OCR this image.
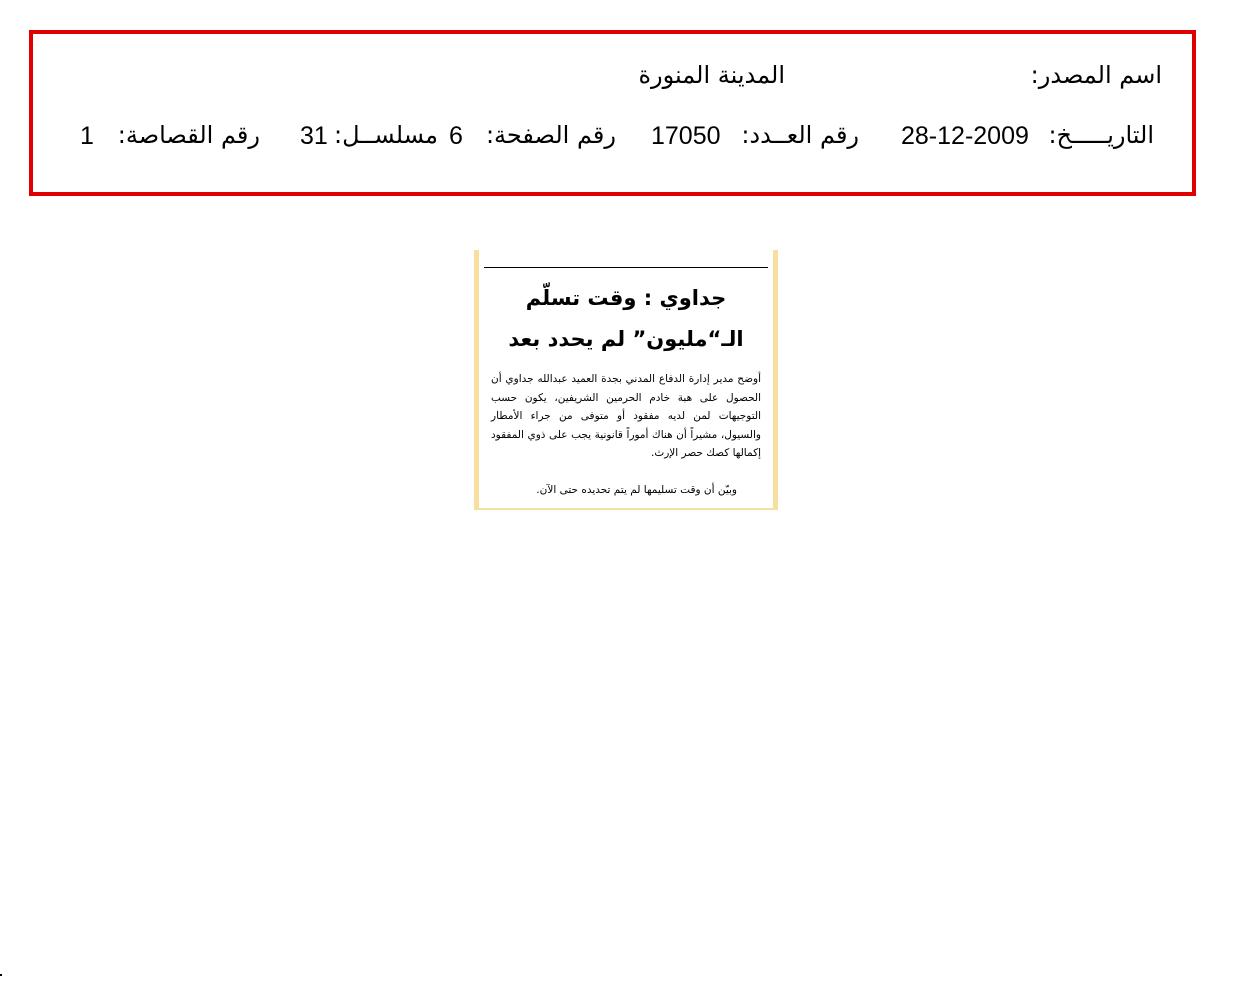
اسم المصدر:
المدينة المنورة
التاريـــــخ:
28-12-2009
رقم العــدد:
17050
رقم الصفحة:
6
مسلســل:
31
رقم القصاصة:
1
جداوي : وقت تسلّم
الـ“مليون” لم يحدد بعد
أوضح مدير إدارة الدفاع المدني بجدة العميد عبدالله جداوي أن الحصول على هبة خادم الحرمين الشريفين، يكون حسب التوجيهات لمن لديه مفقود أو متوفى من جراء الأمطار والسيول، مشيراً أن هناك أموراً قانونية يجب على ذوي المفقود إكمالها كصك حصر الإرث.
وبيّن أن وقت تسليمها لم يتم تحديده حتى الآن.
